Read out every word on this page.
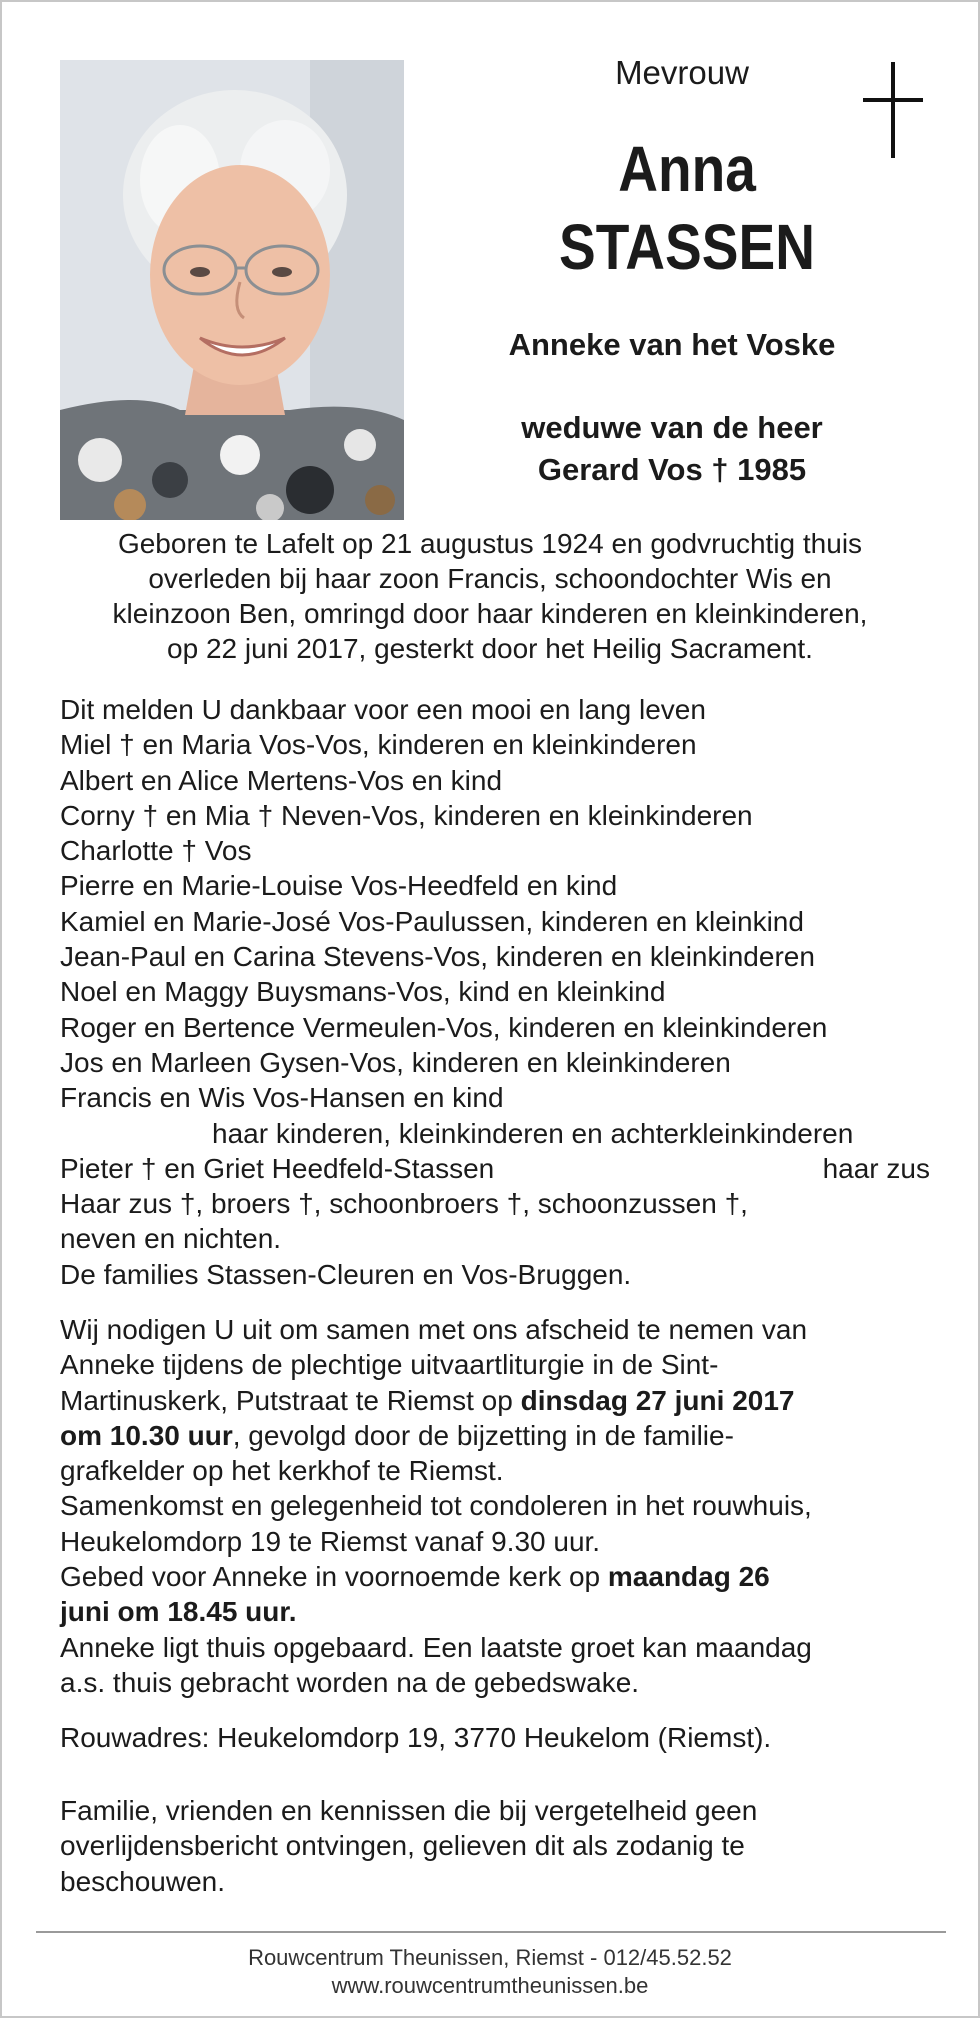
Mevrouw
Anna
STASSEN
Anneke van het Voske
weduwe van de heer
Gerard Vos † 1985
Geboren te Lafelt op 21 augustus 1924 en godvruchtig thuis
overleden bij haar zoon Francis, schoondochter Wis en
kleinzoon Ben, omringd door haar kinderen en kleinkinderen,
op 22 juni 2017, gesterkt door het Heilig Sacrament.
Dit melden U dankbaar voor een mooi en lang leven
Miel † en Maria Vos-Vos, kinderen en kleinkinderen
Albert en Alice Mertens-Vos en kind
Corny † en Mia † Neven-Vos, kinderen en kleinkinderen
Charlotte † Vos
Pierre en Marie-Louise Vos-Heedfeld en kind
Kamiel en Marie-José Vos-Paulussen, kinderen en kleinkind
Jean-Paul en Carina Stevens-Vos, kinderen en kleinkinderen
Noel en Maggy Buysmans-Vos, kind en kleinkind
Roger en Bertence Vermeulen-Vos, kinderen en kleinkinderen
Jos en Marleen Gysen-Vos, kinderen en kleinkinderen
Francis en Wis Vos-Hansen en kind
haar kinderen, kleinkinderen en achterkleinkinderen
Pieter † en Griet Heedfeld-Stassen	haar zus
Haar zus †, broers †, schoonbroers †, schoonzussen †,
neven en nichten.
De families Stassen-Cleuren en Vos-Bruggen.
Wij nodigen U uit om samen met ons afscheid te nemen van
Anneke tijdens de plechtige uitvaartliturgie in de Sint-
Martinuskerk, Putstraat te Riemst op dinsdag 27 juni 2017
om 10.30 uur, gevolgd door de bijzetting in de familie-
grafkelder op het kerkhof te Riemst.
Samenkomst en gelegenheid tot condoleren in het rouwhuis,
Heukelomdorp 19 te Riemst vanaf 9.30 uur.
Gebed voor Anneke in voornoemde kerk op maandag 26
juni om 18.45 uur.
Anneke ligt thuis opgebaard. Een laatste groet kan maandag
a.s. thuis gebracht worden na de gebedswake.
Rouwadres: Heukelomdorp 19, 3770 Heukelom (Riemst).
Familie, vrienden en kennissen die bij vergetelheid geen
overlijdensbericht ontvingen, gelieven dit als zodanig te
beschouwen.
Rouwcentrum Theunissen, Riemst - 012/45.52.52
www.rouwcentrumtheunissen.be
